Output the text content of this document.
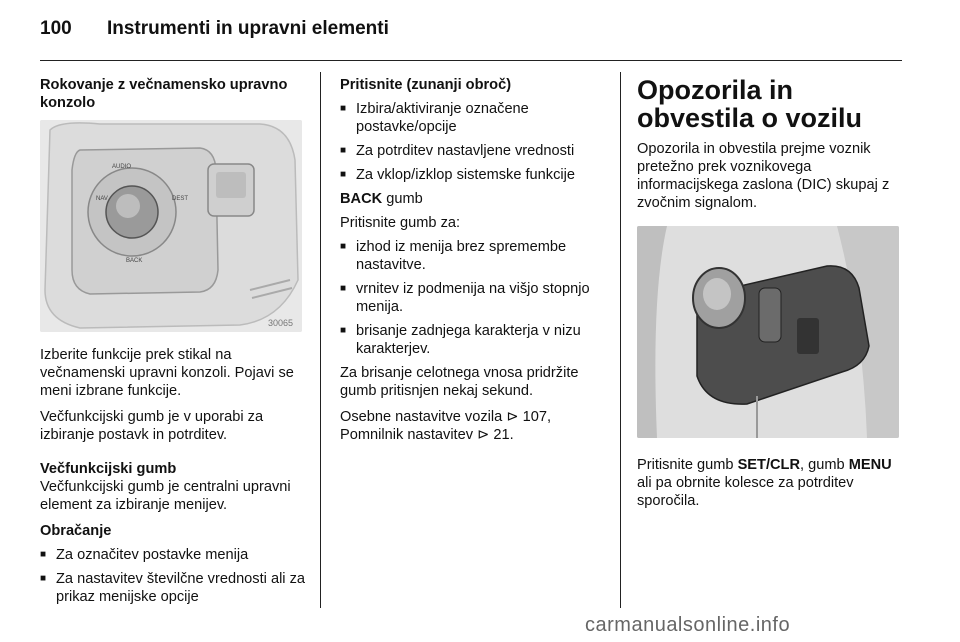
100 Instrumenti in upravni elementi

Rokovanje z večnamensko upravno konzolo

AUDIO
NAV	DEST
BACK
30065

Izberite funkcije prek stikal na večnamenski upravni konzoli. Pojavi se meni izbrane funkcije.

Večfunkcijski gumb je v uporabi za izbiranje postavk in potrditev.

Večfunkcijski gumb

Večfunkcijski gumb je centralni upravni element za izbiranje menijev.

Obračanje

■ Za označitev postavke menija
■ Za nastavitev številčne vrednosti ali za prikaz menijske opcije

Pritisnite (zunanji obroč)

■ Izbira/aktiviranje označene postavke/opcije
■ Za potrditev nastavljene vrednosti
■ Za vklop/izklop sistemske funkcije

BACK gumb

Pritisnite gumb za:

■ izhod iz menija brez spremembe nastavitve.
■ vrnitev iz podmenija na višjo stopnjo menija.
■ brisanje zadnjega karakterja v nizu karakterjev.

Za brisanje celotnega vnosa pridržite gumb pritisnjen nekaj sekund.

Osebne nastavitve vozila ⊳ 107,
Pomnilnik nastavitev ⊳ 21.

Opozorila in obvestila o vozilu

Opozorila in obvestila prejme voznik pretežno prek voznikovega informacijskega zaslona (DIC) skupaj z zvočnim signalom.

Pritisnite gumb SET/CLR, gumb MENU ali pa obrnite kolesce za potrditev sporočila.

carmanualsonline.info
